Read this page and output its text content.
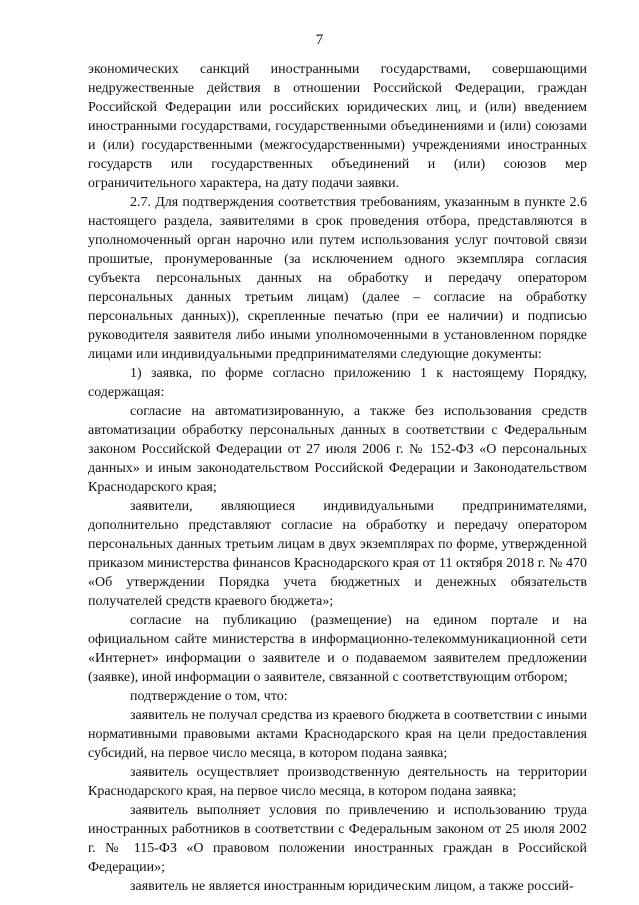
7

экономических санкций иностранными государствами, совершающими недружественные действия в отношении Российской Федерации, граждан Российской Федерации или российских юридических лиц, и (или) введением иностранными государствами, государственными объединениями и (или) союзами и (или) государственными (межгосударственными) учреждениями иностранных государств или государственных объединений и (или) союзов мер ограничительного характера, на дату подачи заявки.

2.7. Для подтверждения соответствия требованиям, указанным в пункте 2.6 настоящего раздела, заявителями в срок проведения отбора, представляются в уполномоченный орган нарочно или путем использования услуг почтовой связи прошитые, пронумерованные (за исключением одного экземпляра согласия субъекта персональных данных на обработку и передачу оператором персональных данных третьим лицам) (далее – согласие на обработку персональных данных)), скрепленные печатью (при ее наличии) и подписью руководителя заявителя либо иными уполномоченными в установленном порядке лицами или индивидуальными предпринимателями следующие документы:

1) заявка, по форме согласно приложению 1 к настоящему Порядку, содержащая:

согласие на автоматизированную, а также без использования средств автоматизации обработку персональных данных в соответствии с Федеральным законом Российской Федерации от 27 июля 2006 г. № 152-ФЗ «О персональных данных» и иным законодательством Российской Федерации и Законодательством Краснодарского края;

заявители, являющиеся индивидуальными предпринимателями, дополнительно представляют согласие на обработку и передачу оператором персональных данных третьим лицам в двух экземплярах по форме, утвержденной приказом министерства финансов Краснодарского края от 11 октября 2018 г. № 470 «Об утверждении Порядка учета бюджетных и денежных обязательств получателей средств краевого бюджета»;

согласие на публикацию (размещение) на едином портале и на официальном сайте министерства в информационно-телекоммуникационной сети «Интернет» информации о заявителе и о подаваемом заявителем предложении (заявке), иной информации о заявителе, связанной с соответствующим отбором;

подтверждение о том, что:

заявитель не получал средства из краевого бюджета в соответствии с иными нормативными правовыми актами Краснодарского края на цели предоставления субсидий, на первое число месяца, в котором подана заявка;

заявитель осуществляет производственную деятельность на территории Краснодарского края, на первое число месяца, в котором подана заявка;

заявитель выполняет условия по привлечению и использованию труда иностранных работников в соответствии с Федеральным законом от 25 июля 2002 г. № 115-ФЗ «О правовом положении иностранных граждан в Российской Федерации»;

заявитель не является иностранным юридическим лицом, а также россий-
